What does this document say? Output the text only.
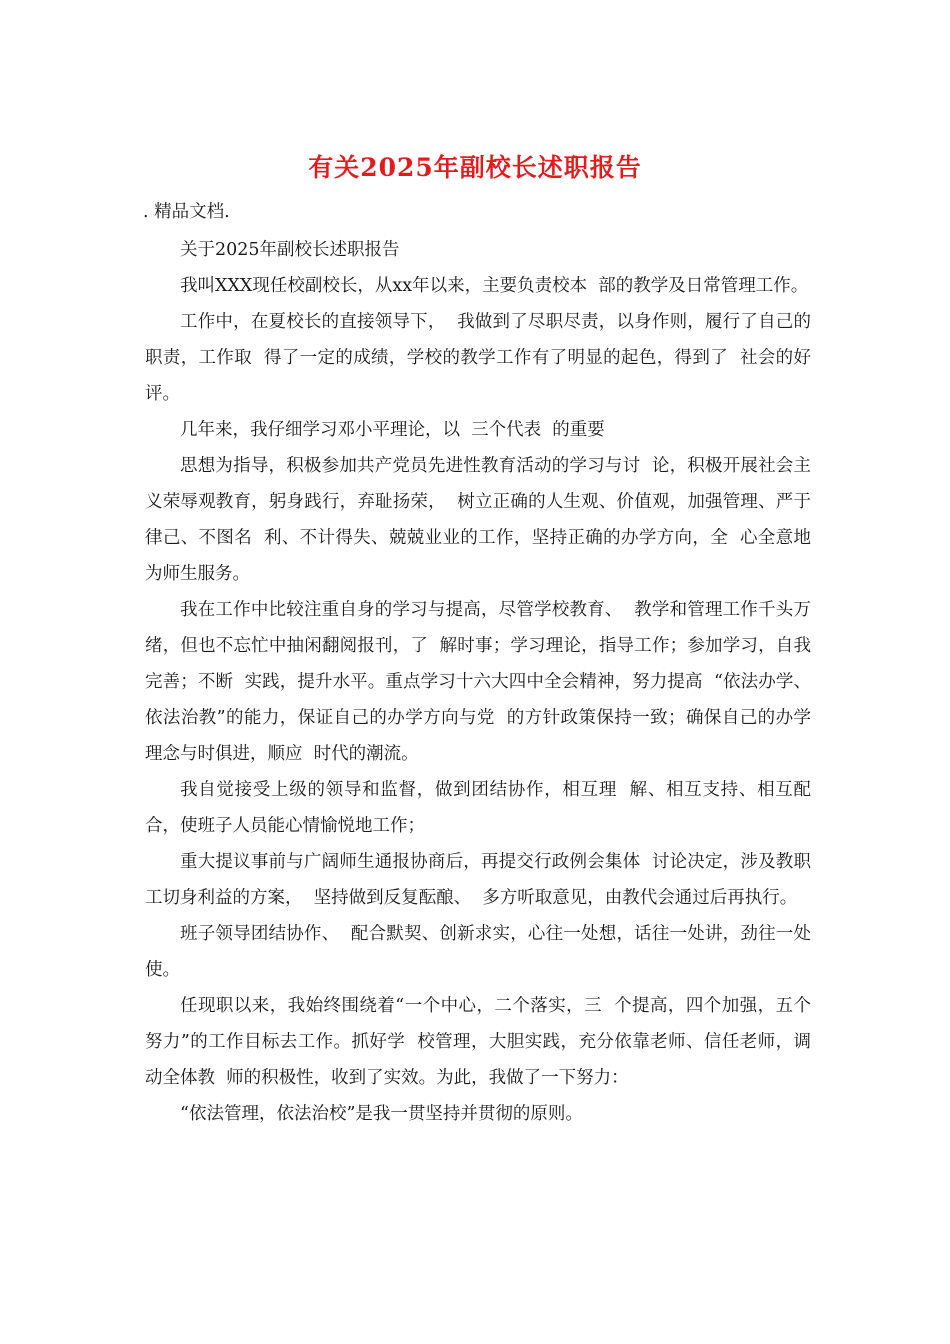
有关2025年副校长述职报告
. 精品文档.

关于2025年副校长述职报告

我叫XXX现任校副校长，从xx年以来，主要负责校本  部的教学及日常管理工作。

工作中，在夏校长的直接领导下，  我做到了尽职尽责，以身作则，履行了自己的职责，工作取  得了一定的成绩，学校的教学工作有了明显的起色，得到了  社会的好评。

几年来，我仔细学习邓小平理论，以  三个代表  的重要

思想为指导，积极参加共产党员先进性教育活动的学习与讨  论，积极开展社会主义荣辱观教育，躬身践行，弃耻扬荣，  树立正确的人生观、价值观，加强管理、严于律己、不图名  利、不计得失、兢兢业业的工作，坚持正确的办学方向，全  心全意地为师生服务。

我在工作中比较注重自身的学习与提高，尽管学校教育、  教学和管理工作千头万绪，但也不忘忙中抽闲翻阅报刊，了  解时事；学习理论，指导工作；参加学习，自我完善；不断  实践，提升水平。重点学习十六大四中全会精神，努力提高  “依法办学、依法治教”的能力，保证自己的办学方向与党  的方针政策保持一致；确保自己的办学理念与时俱进，顺应  时代的潮流。

我自觉接受上级的领导和监督，做到团结协作，相互理  解、相互支持、相互配合，使班子人员能心情愉悦地工作；

重大提议事前与广阔师生通报协商后，再提交行政例会集体  讨论决定，涉及教职工切身利益的方案，  坚持做到反复酝酿、  多方听取意见，由教代会通过后再执行。

班子领导团结协作、  配合默契、创新求实，心往一处想，话往一处讲，劲往一处  使。

任现职以来，我始终围绕着“一个中心，二个落实，三  个提高，四个加强，五个努力”的工作目标去工作。抓好学  校管理，大胆实践，充分依靠老师、信任老师，调动全体教  师的积极性，收到了实效。为此，我做了一下努力：

“依法管理，依法治校”是我一贯坚持并贯彻的原则。
